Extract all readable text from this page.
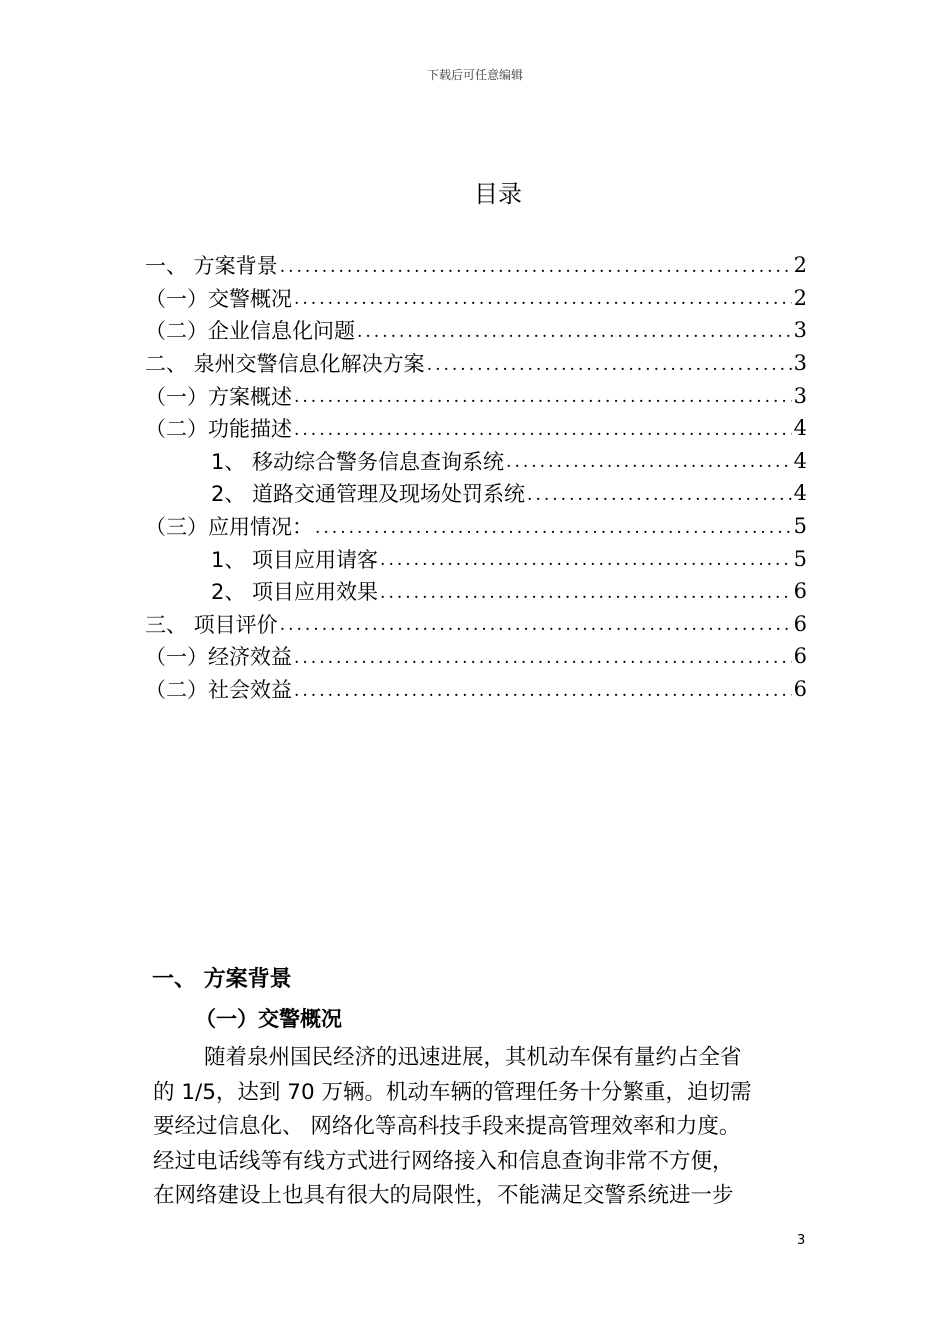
下载后可任意编辑
目录
一、 方案背景 .....	2
（一）交警概况 .....	2
（二）企业信息化问题 .....	3
二、 泉州交警信息化解决方案 .....	3
（一）方案概述 .....	3
（二）功能描述 .....	4
1、 移动综合警务信息查询系统 .....	4
2、 道路交通管理及现场处罚系统 .....	4
（三）应用情况： .....	5
1、 项目应用请客 .....	5
2、 项目应用效果 .....	6
三、 项目评价 .....	6
（一）经济效益 .....	6
（二）社会效益 .....	6
一、 方案背景
（一）交警概况
随着泉州国民经济的迅速进展，其机动车保有量约占全省
的 1/5，达到 70 万辆。机动车辆的管理任务十分繁重，迫切需
要经过信息化、 网络化等高科技手段来提高管理效率和力度。
经过电话线等有线方式进行网络接入和信息查询非常不方便，
在网络建设上也具有很大的局限性，不能满足交警系统进一步
3
